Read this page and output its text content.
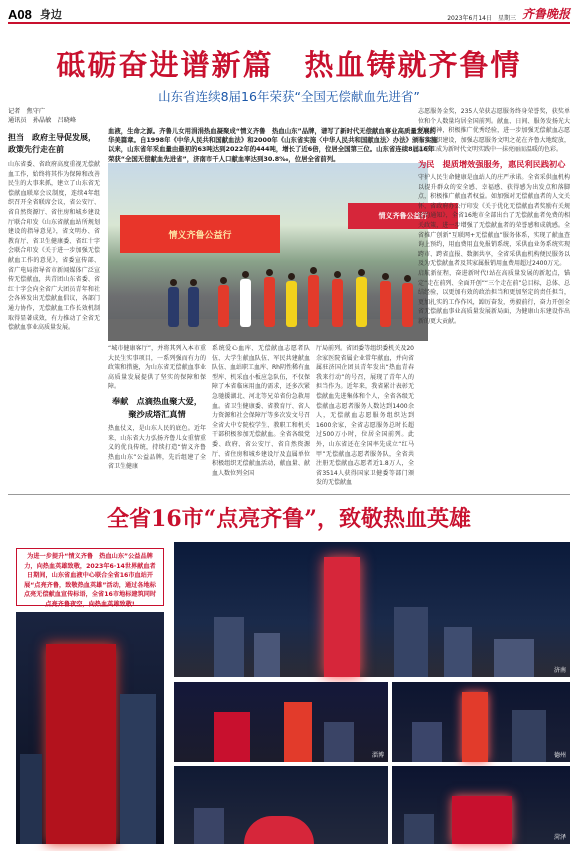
A08 身边	2023年6月14日 星期三 齐鲁晚报
砥砺奋进谱新篇　热血铸就齐鲁情
山东省连续8届16年荣获“全国无偿献血先进省”
记者　焦守广
通讯员　孙晶敏　吕晓峰
担当　政府主导促发展，政策先行走在前

山东省委、省政府高度重视无偿献血工作，始终将其作为保障和改善民生的大事来抓，建立了山东省无偿献血联席会议制度，连续4年组织召开全省联席会议，省公安厅、省自然资源厅、省住房和城乡建设厅联合印发《山东省献血站所规划建设的指导意见》，省文明办、省教育厅、省卫生健康委、省红十字会联合印发《关于进一步加强无偿献血工作的意见》，省委宣传部、省广电局指导省市新闻媒体广泛宣传无偿献血，共青团山东省委、省红十字会向全省广大团员青年和社会各界发出无偿献血倡议，各部门通力协作，无偿献血工作长效机制取得显著成效，有力推动了全省无偿献血事业高质量发展。

血液，生命之源。齐鲁儿女用涓涓热血凝聚成“情义齐鲁　热血山东”品牌，谱写了新时代无偿献血事业高质量发展的华美篇章。自1998年《中华人民共和国献血法》和2000年《山东省实施〈中华人民共和国献血法〉办法》颁布实施以来，山东省年采血量由最初的63吨达到2022年的444吨，增长了近6倍，位居全国第三位。山东省连续8届16年荣获“全国无偿献血先进省”，济南市千人口献血率达到30.8‰，位居全省前列。
情义齐鲁公益行
情义齐鲁公益行

“城市健康客厅”，并将其列入本市重大民生实事项目，一系列强而有力的政策和措施，为山东省无偿献血事业高质量发展提供了坚实的保障和保障。

奉献　点滴热血聚大爱，聚沙成塔汇真情

热血仗义，是山东人民的底色。近年来，山东省大力弘扬齐鲁儿女重情重义的优良传统，持续打造“情义齐鲁　热血山东”公益品牌，先后组建了全省卫生健康

系统爱心血库、无偿献血志愿者队伍、大学生献血队伍、军民共建献血队伍、血站职工血库、Rh阴性稀有血型库、机采血小板应急队伍，不仅保障了本省临床用血的需求，还多次紧急驰援湖北、河北等兄弟省份急救用血。省卫生健康委、省教育厅、省人力资源和社会保障厅等多次发文号召全省大中专院校学生、教职工和机关干部积极参加无偿献血。全省各级党委、政府、省公安厅、省自然资源厅、省住房和城乡建设厅及直属单位积极组织无偿献血活动，献血量、献血人数位列全国

厅局前列。省团委等组织委机关及20余家医院省属企业常年献血，并向省属驻济国企团员青年发出“热血青春 我来行动”的号召，展现了青年人的担当作为。近年来，我省累计表彰无偿献血先进集体和个人，全省各级无偿献血志愿者服务人数达到1400余人，无偿献血志愿服务组织达到1600余家，全省志愿服务总时长超过500万小时，位居全国前列。此外，山东省还在全国率先成立“红马甲”无偿献血志愿者服务队，全省共注册无偿献血志愿者近1.8万人，全省3514人获得国家卫健委等部门颁发的无偿献血

志愿服务金奖，235人荣获志愿服务终身荣誉奖，获奖单位和个人数量均居全国前列。献血、日间、服务发扬光大献血精神，积极推广优秀经验，进一步加强无偿献血志愿服务组织建设，加强志愿服务文明之花在齐鲁大地绽放，志愿红成为新时代文明实践中一抹亮丽而温暖的色彩。

为民　提质增效强服务，惠民利民践初心

守护人民生命健康是血站人的庄严承诺。全省采供血机构以提升群众的安全感、幸福感、获得感为出发点和落脚点，积极推广献血者权益。如加强对无偿献血者的人文关怀，省政府办公厅印发《关于优化无偿献血者奖励有关规定的通知》，全省16地市全部出台了无偿献血者免费的相关政策，进一步增强了无偿献血者的荣誉感和成就感。全省推广创新“互联网+无偿献血”服务体系，实现了献血查询上预约，用血费用直免报销系统，采供血业务系统实现跨市、跨省直报、数据共享，全省采供血机构便民服务以及为无偿献血者及其家属报销用血费用超过2400万元。

启航新征程，奋进新时代!站在高质量发展的新起点，锚定“走在前列、全面开创”“三个走在前”总目标，总体、总结经验，以更加有效的政治担当和更加坚定的责任担当，更加扎实的工作作风，踔厉奋发，勇毅前行，奋力开创全省无偿献血事业高质量发展新局面，为健康山东建设作出新的更大贡献。

全省16市“点亮齐鲁”，致敬热血英雄
为进一步提升“情义齐鲁　热血山东”公益品牌力，向热血英雄致敬，2023年6·14世界献血者日期间，山东省血液中心联合全省16市血站开展“点亮齐鲁，致敬热血英雄”活动，通过各地标点亮无偿献血宣传标语，全省16市地标建筑同时点亮齐鲁夜空，向热血英雄致敬!
济南
淄博	德州
菏泽
